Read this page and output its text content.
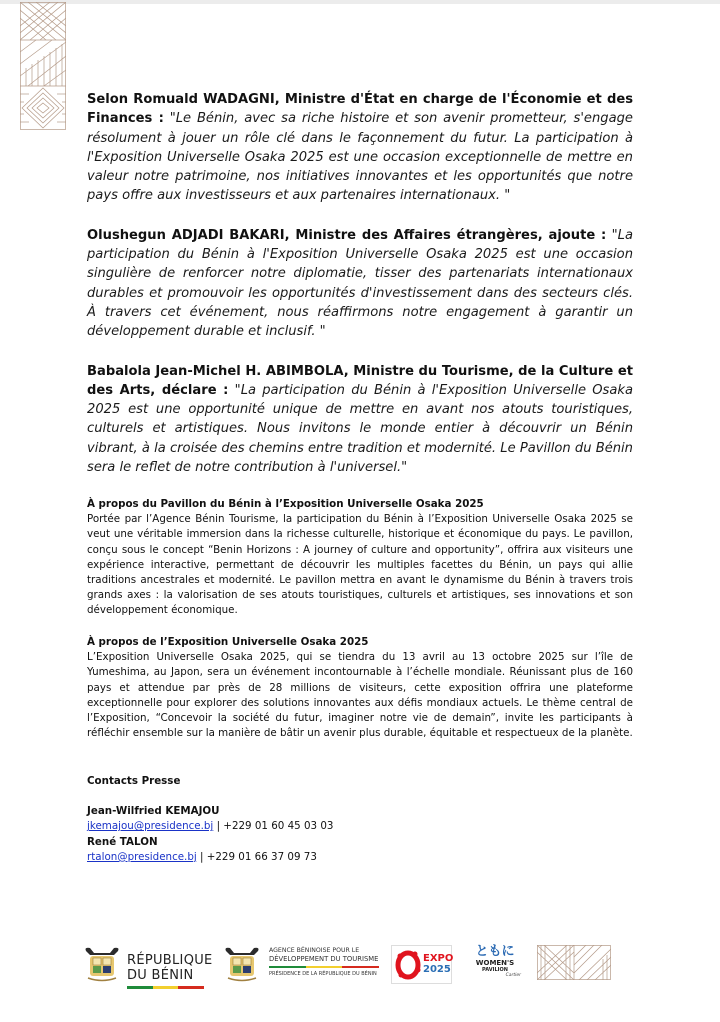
Selon Romuald WADAGNI, Ministre d'État en charge de l'Économie et des Finances : "Le Bénin, avec sa riche histoire et son avenir prometteur, s'engage résolument à jouer un rôle clé dans le façonnement du futur. La participation à l'Exposition Universelle Osaka 2025 est une occasion exceptionnelle de mettre en valeur notre patrimoine, nos initiatives innovantes et les opportunités que notre pays offre aux investisseurs et aux partenaires internationaux. "

Olushegun ADJADI BAKARI, Ministre des Affaires étrangères, ajoute : "La participation du Bénin à l'Exposition Universelle Osaka 2025 est une occasion singulière de renforcer notre diplomatie, tisser des partenariats internationaux durables et promouvoir les opportunités d'investissement dans des secteurs clés. À travers cet événement, nous réaffirmons notre engagement à garantir un développement durable et inclusif. "

Babalola Jean-Michel H. ABIMBOLA, Ministre du Tourisme, de la Culture et des Arts, déclare : "La participation du Bénin à l'Exposition Universelle Osaka 2025 est une opportunité unique de mettre en avant nos atouts touristiques, culturels et artistiques. Nous invitons le monde entier à découvrir un Bénin vibrant, à la croisée des chemins entre tradition et modernité. Le Pavillon du Bénin sera le reflet de notre contribution à l'universel."

À propos du Pavillon du Bénin à l’Exposition Universelle Osaka 2025

Portée par l’Agence Bénin Tourisme, la participation du Bénin à l’Exposition Universelle Osaka 2025 se veut une véritable immersion dans la richesse culturelle, historique et économique du pays. Le pavillon, conçu sous le concept “Benin Horizons : A journey of culture and opportunity”, offrira aux visiteurs une expérience interactive, permettant de découvrir les multiples facettes du Bénin, un pays qui allie traditions ancestrales et modernité. Le pavillon mettra en avant le dynamisme du Bénin à travers trois grands axes : la valorisation de ses atouts touristiques, culturels et artistiques, ses innovations et son développement économique.

À propos de l’Exposition Universelle Osaka 2025

L’Exposition Universelle Osaka 2025, qui se tiendra du 13 avril au 13 octobre 2025 sur l’île de Yumeshima, au Japon, sera un événement incontournable à l’échelle mondiale. Réunissant plus de 160 pays et attendue par près de 28 millions de visiteurs, cette exposition offrira une plateforme exceptionnelle pour explorer des solutions innovantes aux défis mondiaux actuels. Le thème central de l’Exposition, “Concevoir la société du futur, imaginer notre vie de demain”, invite les participants à réfléchir ensemble sur la manière de bâtir un avenir plus durable, équitable et respectueux de la planète.

Contacts Presse
Jean-Wilfried KEMAJOU
jkemajou@presidence.bj | +229 01 60 45 03 03
René TALON
rtalon@presidence.bj | +229 01 66 37 09 73
RÉPUBLIQUE
DU BÉNIN
AGENCE BÉNINOISE POUR LE
DÉVELOPPEMENT DU TOURISME
PRÉSIDENCE DE LA RÉPUBLIQUE DU BÉNIN
EXPO
2025
ともに
WOMEN'S
PAVILION
Cartier
